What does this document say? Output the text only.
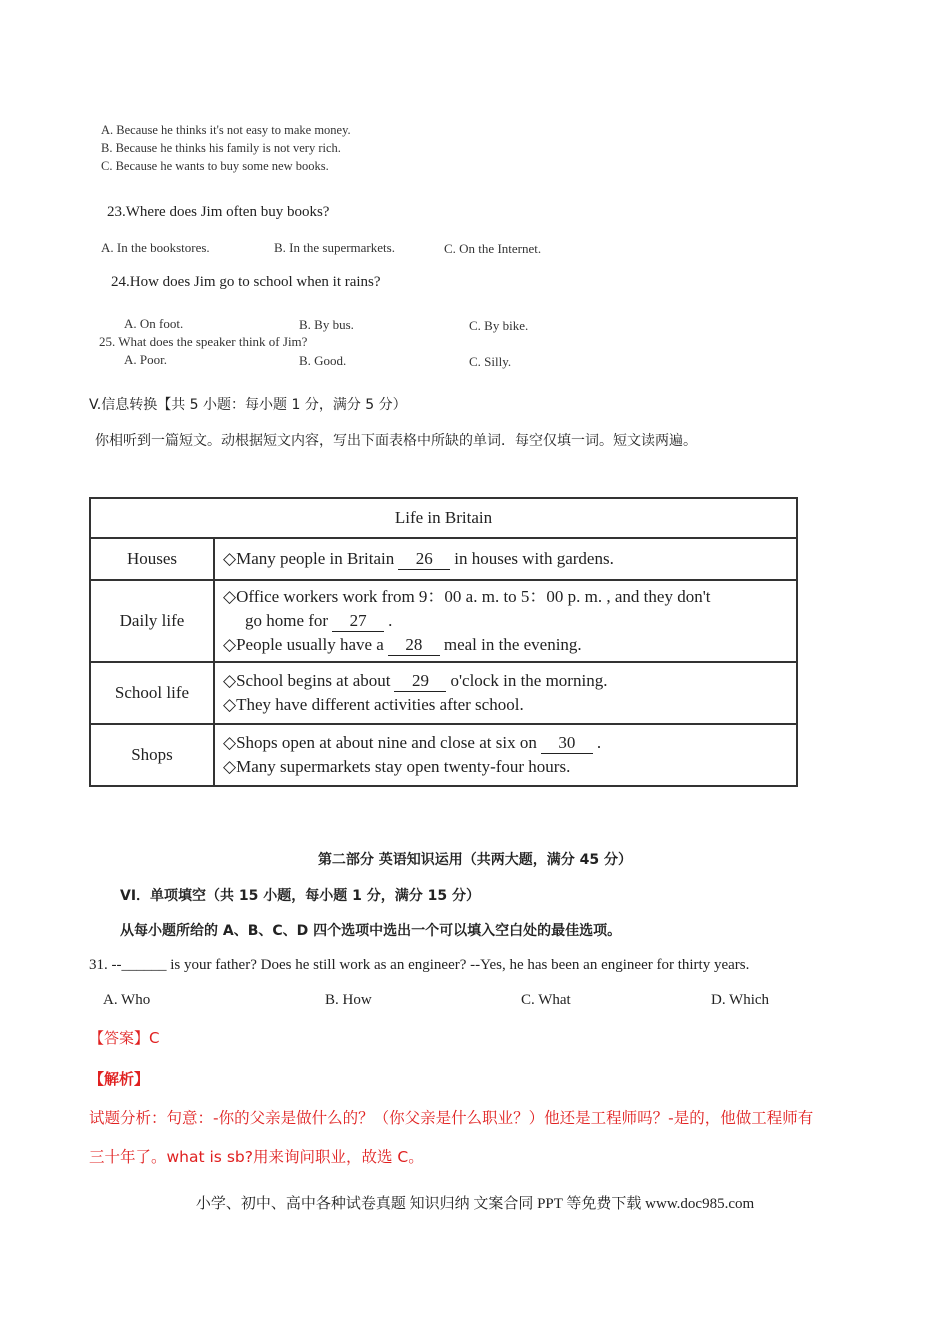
A. Because he thinks it's not easy to make money.
B. Because he thinks his family is not very rich.
C. Because he wants to buy some new books.
23.Where does Jim often buy books?
A. In the bookstores.	B. In the supermarkets.	C. On the Internet.
24.How does Jim go to school when it rains?
A. On foot.	B. By bus.	C. By bike.
25. What does the speaker think of Jim?
A. Poor.	B. Good.	C. Silly.
V.信息转换【共 5 小题：每小题 1 分，满分 5 分）
你相听到一篇短文。动根据短文内容，写出下面表格中所缺的单词．每空仅填一词。短文读两遍。
Life in Britain	
Houses	◇Many people in Britain 26 in houses with gardens.

Daily life	◇Office workers work from 9：00 a. m. to 5：00 p. m. , and they don't
go home for 27 .
◇People usually have a 28 meal in the evening.

School life	◇School begins at about 29 o'clock in the morning.
◇They have different activities after school.

Shops	◇Shops open at about nine and close at six on 30 .
◇Many supermarkets stay open twenty-four hours.
第二部分 英语知识运用（共两大题，满分 45 分）
VI．单项填空（共 15 小题，每小题 1 分，满分 15 分）
从每小题所给的 A、B、C、D 四个选项中选出一个可以填入空白处的最佳选项。
31. --______ is your father? Does he still work as an engineer? --Yes, he has been an engineer for thirty years.
A. Who	B. How	C. What	D. Which
【答案】C
【解析】
试题分析：句意：-你的父亲是做什么的？（你父亲是什么职业？）他还是工程师吗？-是的，他做工程师有
三十年了。what is sb?用来询问职业，故选 C。
小学、初中、高中各种试卷真题 知识归纳 文案合同 PPT 等免费下载 www.doc985.com
